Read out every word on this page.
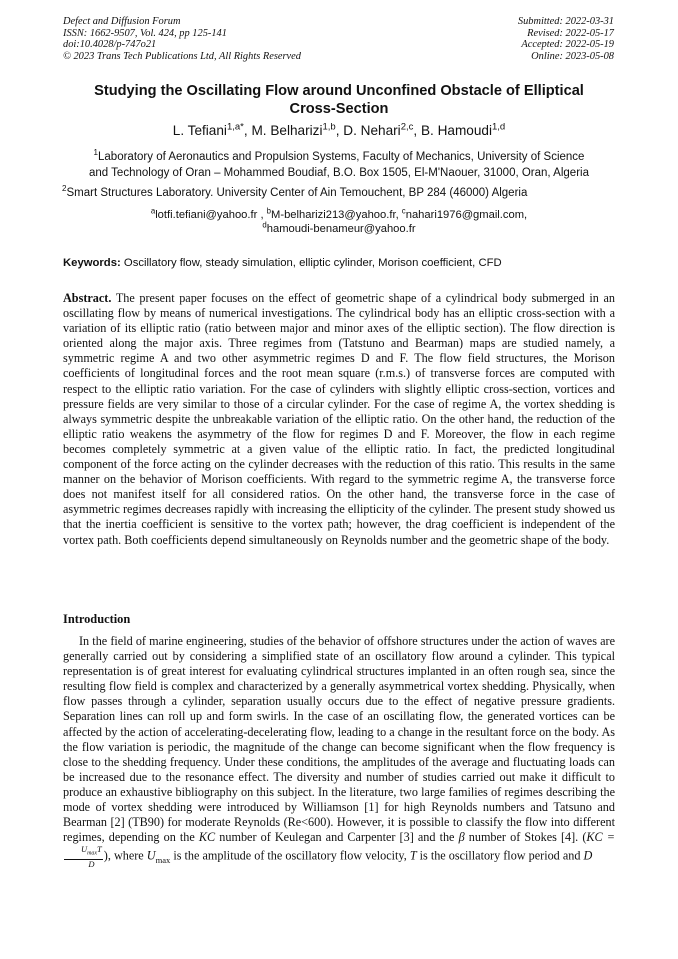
Defect and Diffusion Forum
ISSN: 1662-9507, Vol. 424, pp 125-141
doi:10.4028/p-747o21
© 2023 Trans Tech Publications Ltd, All Rights Reserved
Submitted: 2022-03-31
Revised: 2022-05-17
Accepted: 2022-05-19
Online: 2023-05-08
Studying the Oscillating Flow around Unconfined Obstacle of Elliptical
Cross-Section
L. Tefiani$^{1,a*}$, M. Belharizi$^{1,b}$, D. Nehari$^{2,c}$, B. Hamoudi$^{1,d}$
$^1$Laboratory of Aeronautics and Propulsion Systems, Faculty of Mechanics, University of Science
and Technology of Oran – Mohammed Boudiaf, B.O. Box 1505, El-M'Naouer, 31000, Oran, Algeria
$^2$Smart Structures Laboratory. University Center of Ain Temouchent, BP 284 (46000) Algeria
$^a$lotfi.tefiani@yahoo.fr , $^b$M-belharizi213@yahoo.fr, $^c$nahari1976@gmail.com,
$^d$hamoudi-benameur@yahoo.fr
Keywords: Oscillatory flow, steady simulation, elliptic cylinder, Morison coefficient, CFD
Abstract. The present paper focuses on the effect of geometric shape of a cylindrical body submerged in an oscillating flow by means of numerical investigations. The cylindrical body has an elliptic cross-section with a variation of its elliptic ratio (ratio between major and minor axes of the elliptic section). The flow direction is oriented along the major axis. Three regimes from (Tatstuno and Bearman) maps are studied namely, a symmetric regime A and two other asymmetric regimes D and F. The flow field structures, the Morison coefficients of longitudinal forces and the root mean square (r.m.s.) of transverse forces are computed with respect to the elliptic ratio variation. For the case of cylinders with slightly elliptic cross-section, vortices and pressure fields are very similar to those of a circular cylinder. For the case of regime A, the vortex shedding is always symmetric despite the unbreakable variation of the elliptic ratio. On the other hand, the reduction of the elliptic ratio weakens the asymmetry of the flow for regimes D and F. Moreover, the flow in each regime becomes completely symmetric at a given value of the elliptic ratio. In fact, the predicted longitudinal component of the force acting on the cylinder decreases with the reduction of this ratio. This results in the same manner on the behavior of Morison coefficients. With regard to the symmetric regime A, the transverse force does not manifest itself for all considered ratios. On the other hand, the transverse force in the case of asymmetric regimes decreases rapidly with increasing the ellipticity of the cylinder. The present study showed us that the inertia coefficient is sensitive to the vortex path; however, the drag coefficient is independent of the vortex path. Both coefficients depend simultaneously on Reynolds number and the geometric shape of the body.
Introduction
In the field of marine engineering, studies of the behavior of offshore structures under the action of waves are generally carried out by considering a simplified state of an oscillatory flow around a cylinder. This typical representation is of great interest for evaluating cylindrical structures implanted in an often rough sea, since the resulting flow field is complex and characterized by a generally asymmetrical vortex shedding. Physically, when flow passes through a cylinder, separation usually occurs due to the effect of negative pressure gradients. Separation lines can roll up and form swirls. In the case of an oscillating flow, the generated vortices can be affected by the action of accelerating-decelerating flow, leading to a change in the resultant force on the body. As the flow variation is periodic, the magnitude of the change can become significant when the flow frequency is close to the shedding frequency. Under these conditions, the amplitudes of the average and fluctuating loads can be increased due to the resonance effect. The diversity and number of studies carried out make it difficult to produce an exhaustive bibliography on this subject. In the literature, two large families of regimes describing the mode of vortex shedding were introduced by Williamson [1] for high Reynolds numbers and Tatsuno and Bearman [2] (TB90) for moderate Reynolds (Re<600). However, it is possible to classify the flow into different regimes, depending on the KC number of Keulegan and Carpenter [3] and the β number of Stokes [4]. (KC =
$\frac{U_{max}T}{D}$ ), where $U_{max}$ is the amplitude of the oscillatory flow velocity, T is the oscillatory flow period and D
